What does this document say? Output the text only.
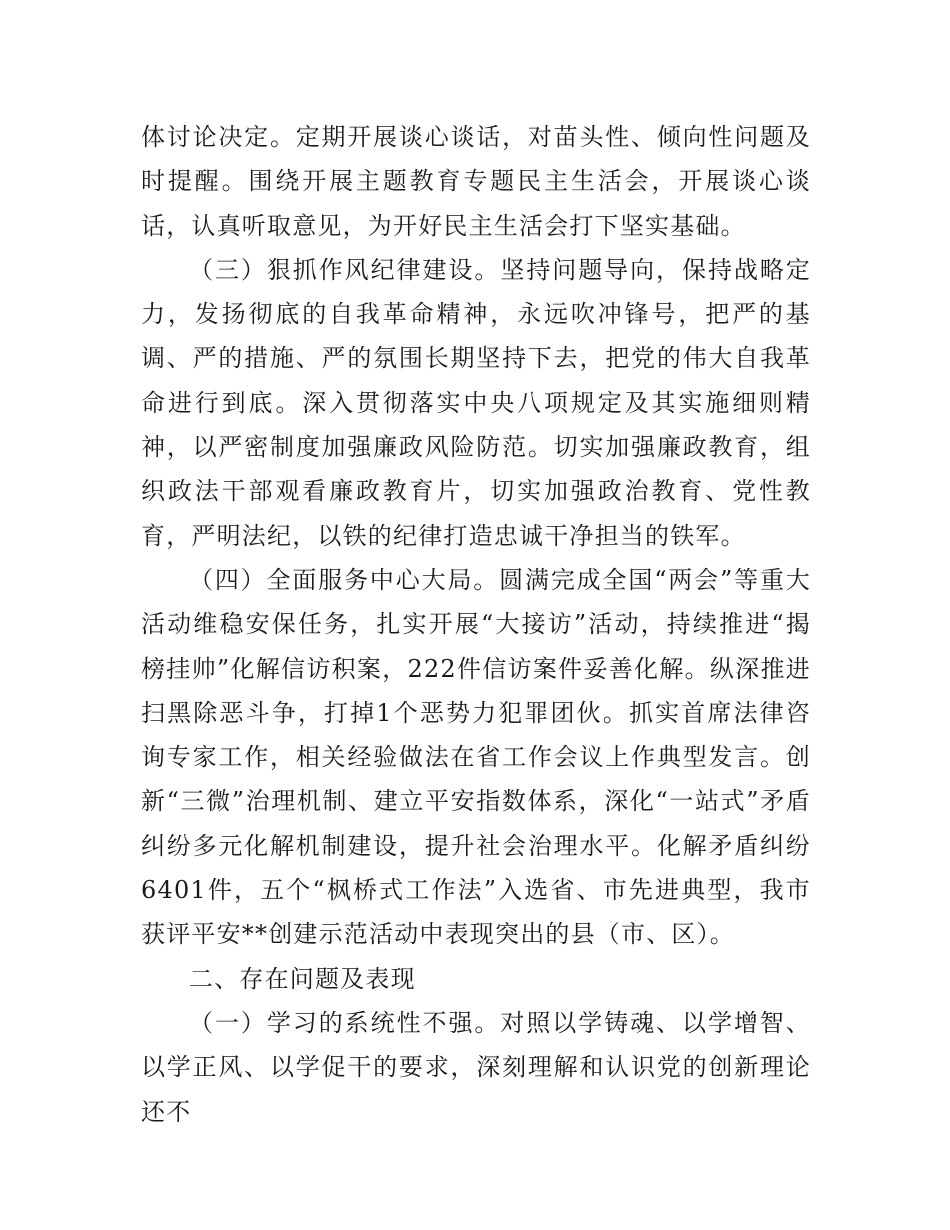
体讨论决定。定期开展谈心谈话，对苗头性、倾向性问题及时提醒。围绕开展主题教育专题民主生活会，开展谈心谈话，认真听取意见，为开好民主生活会打下坚实基础。

（三）狠抓作风纪律建设。坚持问题导向，保持战略定力，发扬彻底的自我革命精神，永远吹冲锋号，把严的基调、严的措施、严的氛围长期坚持下去，把党的伟大自我革命进行到底。深入贯彻落实中央八项规定及其实施细则精神，以严密制度加强廉政风险防范。切实加强廉政教育，组织政法干部观看廉政教育片，切实加强政治教育、党性教育，严明法纪，以铁的纪律打造忠诚干净担当的铁军。

（四）全面服务中心大局。圆满完成全国“两会”等重大活动维稳安保任务，扎实开展“大接访”活动，持续推进“揭榜挂帅”化解信访积案，222件信访案件妥善化解。纵深推进扫黑除恶斗争，打掉1个恶势力犯罪团伙。抓实首席法律咨询专家工作，相关经验做法在省工作会议上作典型发言。创新“三微”治理机制、建立平安指数体系，深化“一站式”矛盾纠纷多元化解机制建设，提升社会治理水平。化解矛盾纠纷6401件，五个“枫桥式工作法”入选省、市先进典型，我市获评平安**创建示范活动中表现突出的县（市、区）。

二、存在问题及表现

（一）学习的系统性不强。对照以学铸魂、以学增智、以学正风、以学促干的要求，深刻理解和认识党的创新理论还不
